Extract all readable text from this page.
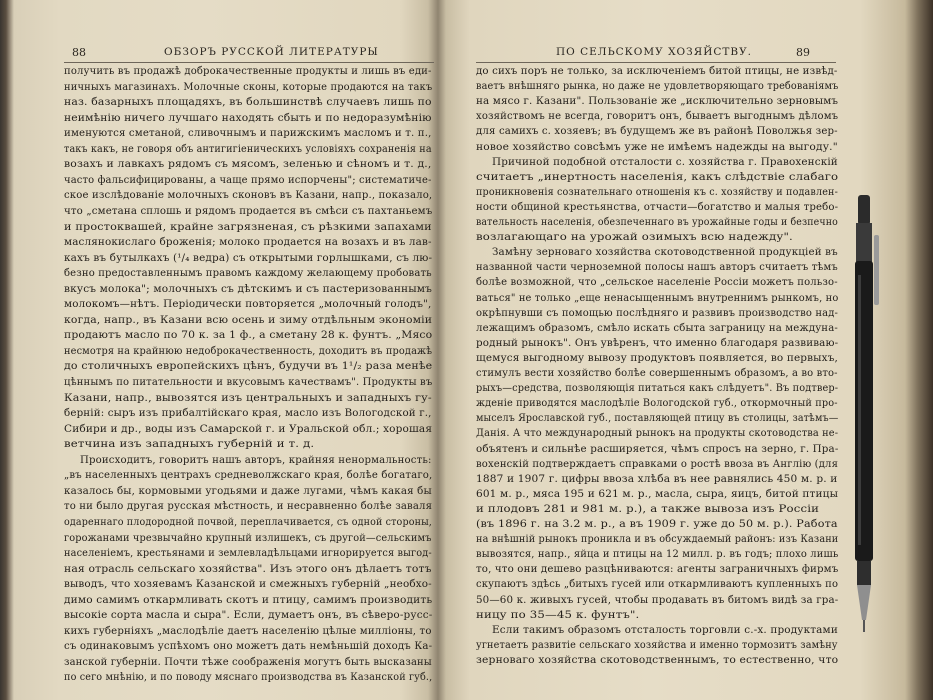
88	ОБЗОРЪ РУССКОЙ ЛИТЕРАТУРЫ
получить въ продажѣ доброкачественные продукты и лишь въ еди-
ничныхъ магазинахъ. Молочные сконы, которые продаются на такъ
наз. базарныхъ площадяхъ, въ большинствѣ случаевъ лишь по
неимѣнію ничего лучшаго находять сбыть и по недоразумѣнію
именуются сметаной, сливочнымъ и парижскимъ масломъ и т. п.,
такъ какъ, не говоря объ антигигіеническихъ условіяхъ сохраненія на
возахъ и лавкахъ рядомъ съ мясомъ, зеленью и сѣномъ и т. д.,
часто фальсифицированы, а чаще прямо испорчены"; систематиче-
ское изслѣдованіе молочныхъ сконовъ въ Казани, напр., показало,
что „сметана сплошь и рядомъ продается въ смѣси съ пахтаньемъ
и простоквашей, крайне загрязненая, съ рѣзкими запахами
маслянокислаго броженія; молоко продается на возахъ и въ лав-
кахъ въ бутылкахъ (¹/₄ ведра) съ открытыми горлышками, съ лю-
безно предоставленнымъ правомъ каждому желающему пробовать
вкусъ молока"; молочныхъ съ дѣтскимъ и съ пастеризованнымъ
молокомъ—нѣтъ. Періодически повторяется „молочный голодъ",
когда, напр., въ Казани всю осень и зиму отдѣльным экономіи
продаютъ масло по 70 к. за 1 ф., а сметану 28 к. фунтъ. „Мясо
несмотря на крайнюю недоброкачественность, доходитъ въ продажѣ
до столичныхъ европейскихъ цѣнъ, будучи въ 1¹/₂ раза менѣе
цѣннымъ по питательности и вкусовымъ качествамъ". Продукты въ
Казани, напр., вывозятся изъ центральныхъ и западныхъ гу-
берній: сыръ изъ прибалтійскаго края, масло изъ Вологодской г.,
Сибири и др., воды изъ Самарской г. и Уральской обл.; хорошая
ветчина изъ западныхъ губерній и т. д.
Происходитъ, говоритъ нашъ авторъ, крайняя ненормальность:
„въ населенныхъ центрахъ средневолжскаго края, болѣе богатаго,
казалось бы, кормовыми угодьями и даже лугами, чѣмъ какая бы
то ни было другая русская мѣстность, и несравненно болѣе заваля
одареннаго плодородной почвой, переплачивается, съ одной стороны,
горожанами чрезвычайно крупный излишекъ, съ другой—сельскимъ
населеніемъ, крестьянами и землевладѣльцами игнорируется выгод-
ная отрасль сельскаго хозяйства". Изъ этого онъ дѣлаетъ тотъ
выводъ, что хозяевамъ Казанской и смежныхъ губерній „необхо-
димо самимъ откармливать скотъ и птицу, самимъ производить
высокіе сорта масла и сыра". Если, думаетъ онъ, въ сѣверо-русс-
кихъ губерніяхъ „маслодѣліе даетъ населенію цѣлые милліоны, то
съ одинаковымъ успѣхомъ оно можетъ дать немѣньшій доходъ Ка-
занской губерніи. Почти тѣже соображенія могутъ быть высказаны
по сего мнѣнію, и по поводу мяснаго производства въ Казанской губ.,
ПО СЕЛЬСКОМУ ХОЗЯЙСТВУ.	89
до сихъ поръ не только, за исключеніемъ битой птицы, не извѣд-
ваетъ внѣшняго рынка, но даже не удовлетворяющаго требованіямъ
на мясо г. Казани". Пользованіе же „исключительно зерновымъ
хозяйствомъ не всегда, говоритъ онъ, бываетъ выгоднымъ дѣломъ
для самихъ с. хозяевъ; въ будущемъ же въ районѣ Поволжья зер-
новое хозяйство совсѣмъ уже не имѣемъ надежды на выгоду."
Причиной подобной отсталости с. хозяйства г. Правохенскій
считаетъ „инертность населенія, какъ слѣдствіе слабаго
проникновенія сознательнаго отношенія къ с. хозяйству и подавлен-
ности общиной крестьянства, отчасти—богатство и малыя требо-
вательность населенія, обезпеченнаго въ урожайные годы и безпечно
возлагающаго на урожай озимыхъ всю надежду".
Замѣну зерноваго хозяйства скотоводственной продукціей въ
названной части черноземной полосы нашъ авторъ считаетъ тѣмъ
болѣе возможной, что „сельское населеніе Россіи можетъ пользо-
ваться" не только „еще ненасыщеннымъ внутреннимъ рынкомъ, но
окрѣпнувши съ помощью послѣдняго и развивъ производство над-
лежащимъ образомъ, смѣло искать сбыта заграницу на междуна-
родный рынокъ". Онъ увѣренъ, что именно благодаря развиваю-
щемуся выгодному вывозу продуктовъ появляется, во первыхъ,
стимулъ вести хозяйство болѣе совершеннымъ образомъ, а во вто-
рыхъ—средства, позволяющія питаться какъ слѣдуетъ". Въ подтвер-
жденіе приводятся маслодѣліе Вологодской губ., откормочный про-
мыселъ Ярославской губ., поставляющей птицу въ столицы, затѣмъ—
Данія. А что международный рынокъ на продукты скотоводства не-
объятенъ и сильнѣе расширяется, чѣмъ спросъ на зерно, г. Пра-
вохенскій подтверждаетъ справками о ростѣ ввоза въ Англію (для
1887 и 1907 г. цифры ввоза хлѣба въ нее равнялись 450 м. р. и
601 м. р., мяса 195 и 621 м. р., масла, сыра, яицъ, битой птицы
и плодовъ 281 и 981 м. р.), а также вывоза изъ Россіи
(въ 1896 г. на 3.2 м. р., а въ 1909 г. уже до 50 м. р.). Работа
на внѣшній рынокъ проникла и въ обсуждаемый районъ: изъ Казани
вывозятся, напр., яйца и птицы на 12 милл. р. въ годъ; плохо лишь
то, что они дешево разцѣниваются: агенты заграничныхъ фирмъ
скупаютъ здѣсь „битыхъ гусей или откармливаютъ купленныхъ по
50—60 к. живыхъ гусей, чтобы продавать въ битомъ видѣ за гра-
ницу по 35—45 к. фунтъ".
Если такимъ образомъ отсталость торговли с.-х. продуктами
угнетаетъ развитіе сельскаго хозяйства и именно тормозитъ замѣну
зерноваго хозяйства скотоводственнымъ, то естественно, что
